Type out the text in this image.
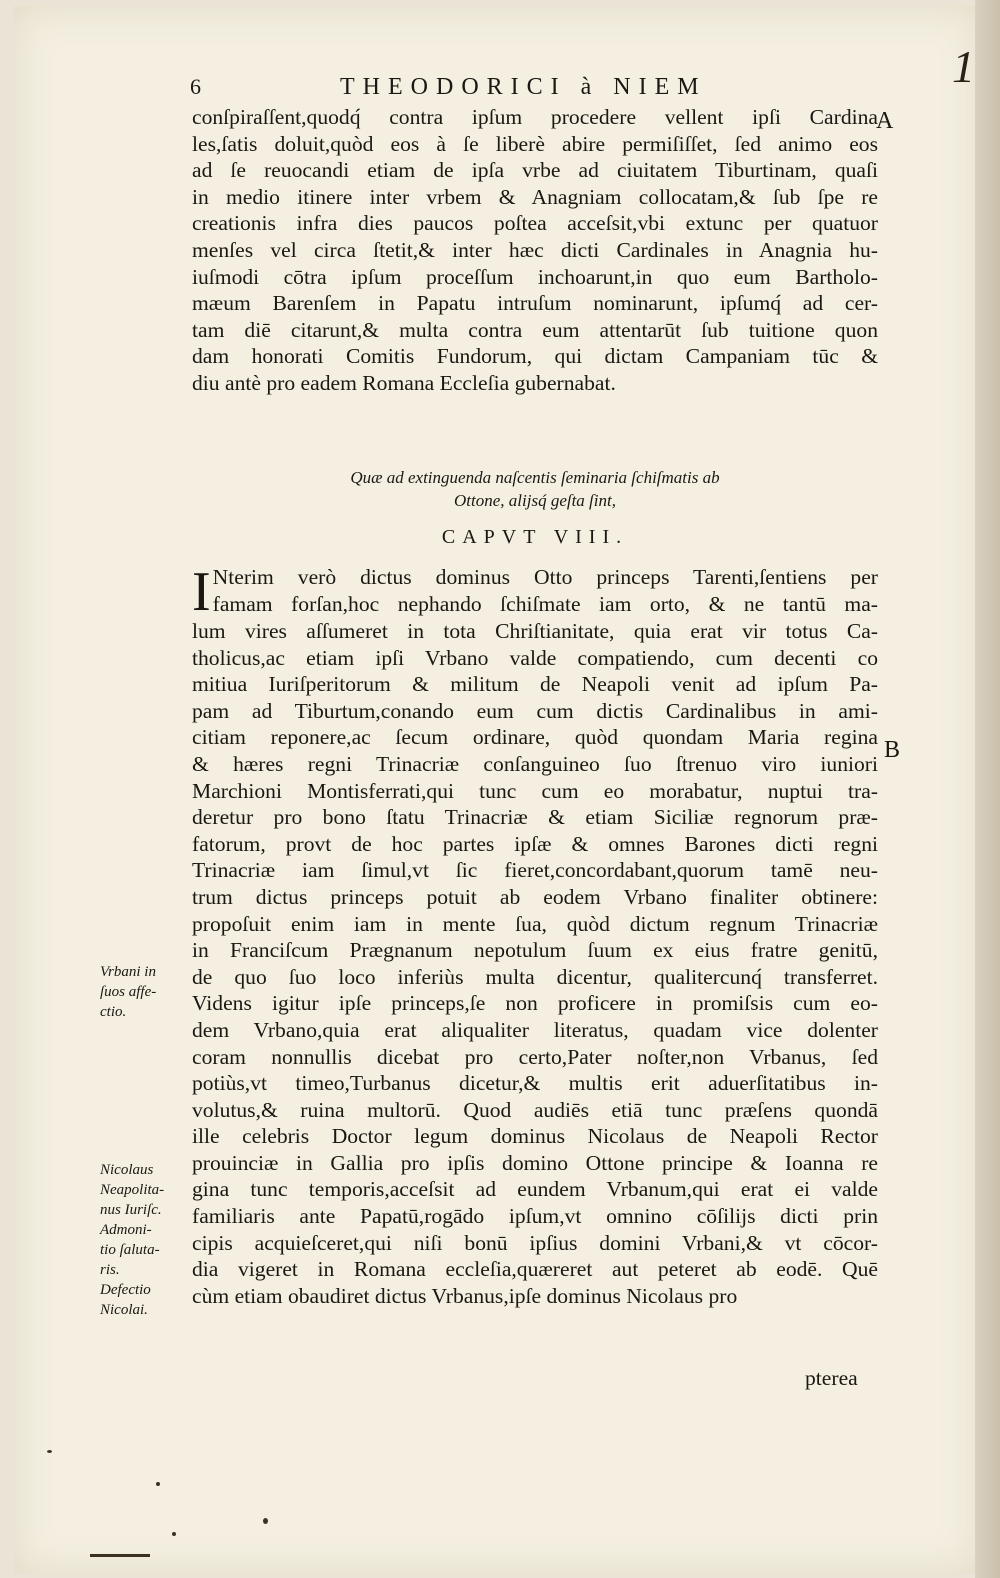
6	THEODORICI à NIEM	1
A
B
conſpiraſſent,quodq́ contra ipſum procedere vellent ipſi Cardina
les,ſatis doluit,quòd eos à ſe liberè abire permiſiſſet, ſed animo eos
ad ſe reuocandi etiam de ipſa vrbe ad ciuitatem Tiburtinam, quaſi
in medio itinere inter vrbem & Anagniam collocatam,& ſub ſpe re
creationis infra dies paucos poſtea acceſsit,vbi extunc per quatuor
menſes vel circa ſtetit,& inter hæc dicti Cardinales in Anagnia hu-
iuſmodi cōtra ipſum proceſſum inchoarunt,in quo eum Bartholo-
mæum Barenſem in Papatu intruſum nominarunt, ipſumq́ ad cer-
tam diē citarunt,& multa contra eum attentarūt ſub tuitione quon
dam honorati Comitis Fundorum, qui dictam Campaniam tūc &
diu antè pro eadem Romana Eccleſia gubernabat.
Quæ ad extinguenda naſcentis ſeminaria ſchiſmatis ab
Ottone, alijsq́ geſta ſint,
CAPVT VIII.
I Nterim verò dictus dominus Otto princeps Tarenti,ſentiens per
famam forſan,hoc nephando ſchiſmate iam orto, & ne tantū ma-
lum vires aſſumeret in tota Chriſtianitate, quia erat vir totus Ca-
tholicus,ac etiam ipſi Vrbano valde compatiendo, cum decenti co
mitiua Iuriſperitorum & militum de Neapoli venit ad ipſum Pa-
pam ad Tiburtum,conando eum cum dictis Cardinalibus in ami-
citiam reponere,ac ſecum ordinare, quòd quondam Maria regina
& hæres regni Trinacriæ conſanguineo ſuo ſtrenuo viro iuniori
Marchioni Montisferrati,qui tunc cum eo morabatur, nuptui tra-
deretur pro bono ſtatu Trinacriæ & etiam Siciliæ regnorum præ-
fatorum, provt de hoc partes ipſæ & omnes Barones dicti regni
Trinacriæ iam ſimul,vt ſic fieret,concordabant,quorum tamē neu-
trum dictus princeps potuit ab eodem Vrbano finaliter obtinere:
propoſuit enim iam in mente ſua, quòd dictum regnum Trinacriæ
in Franciſcum Prægnanum nepotulum ſuum ex eius fratre genitū,
de quo ſuo loco inferiùs multa dicentur, qualitercunq́ transferret.
Videns igitur ipſe princeps,ſe non proficere in promiſsis cum eo-
dem Vrbano,quia erat aliqualiter literatus, quadam vice dolenter
coram nonnullis dicebat pro certo,Pater noſter,non Vrbanus, ſed
potiùs,vt timeo,Turbanus dicetur,& multis erit aduerſitatibus in-
volutus,& ruina multorū. Quod audiēs etiā tunc præſens quondā
ille celebris Doctor legum dominus Nicolaus de Neapoli Rector
prouinciæ in Gallia pro ipſis domino Ottone principe & Ioanna re
gina tunc temporis,acceſsit ad eundem Vrbanum,qui erat ei valde
familiaris ante Papatū,rogādo ipſum,vt omnino cōſilijs dicti prin
cipis acquieſceret,qui niſi bonū ipſius domini Vrbani,& vt cōcor-
dia vigeret in Romana eccleſia,quæreret aut peteret ab eodē. Quē
cùm etiam obaudiret dictus Vrbanus,ipſe dominus Nicolaus pro
pterea
Vrbani in
ſuos affe-
ctio.
Nicolaus
Neapolita-
nus Iuriſc.
Admoni-
tio ſaluta-
ris.
Defectio
Nicolai.
